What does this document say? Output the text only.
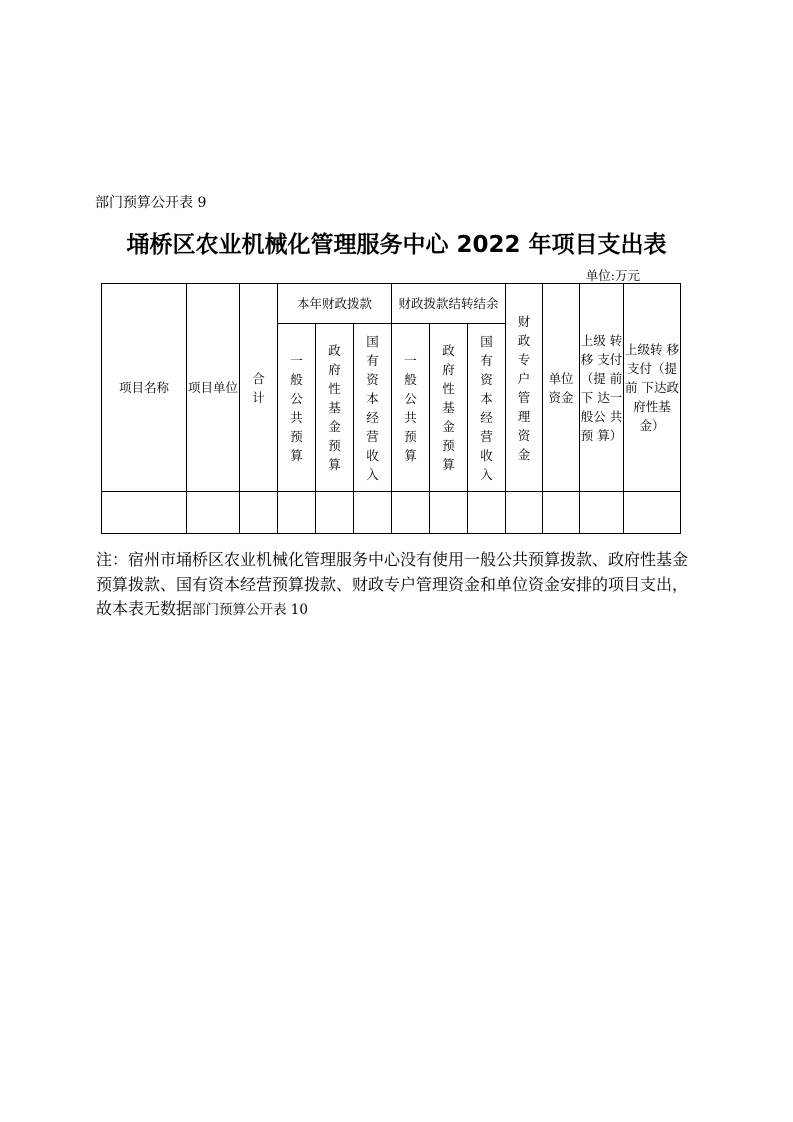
部门预算公开表 9
埇桥区农业机械化管理服务中心 2022 年项目支出表
单位:万元
项目名称	项目单位	合计	本年财政拨款			财政拨款结转结余			财政专户管理资金	单位资金	上级 转移 支付（提 前下 达一般公 共预 算）	上级转 移支付（提前 下达政 府性基 金）
			一般公共预算	政府性基金预算	国有资本经营收入	一般公共预算	政府性基金预算	国有资本经营收入				

注：宿州市埇桥区农业机械化管理服务中心没有使用一般公共预算拨款、政府性基金预算拨款、国有资本经营预算拨款、财政专户管理资金和单位资金安排的项目支出，故本表无数据部门预算公开表 10
